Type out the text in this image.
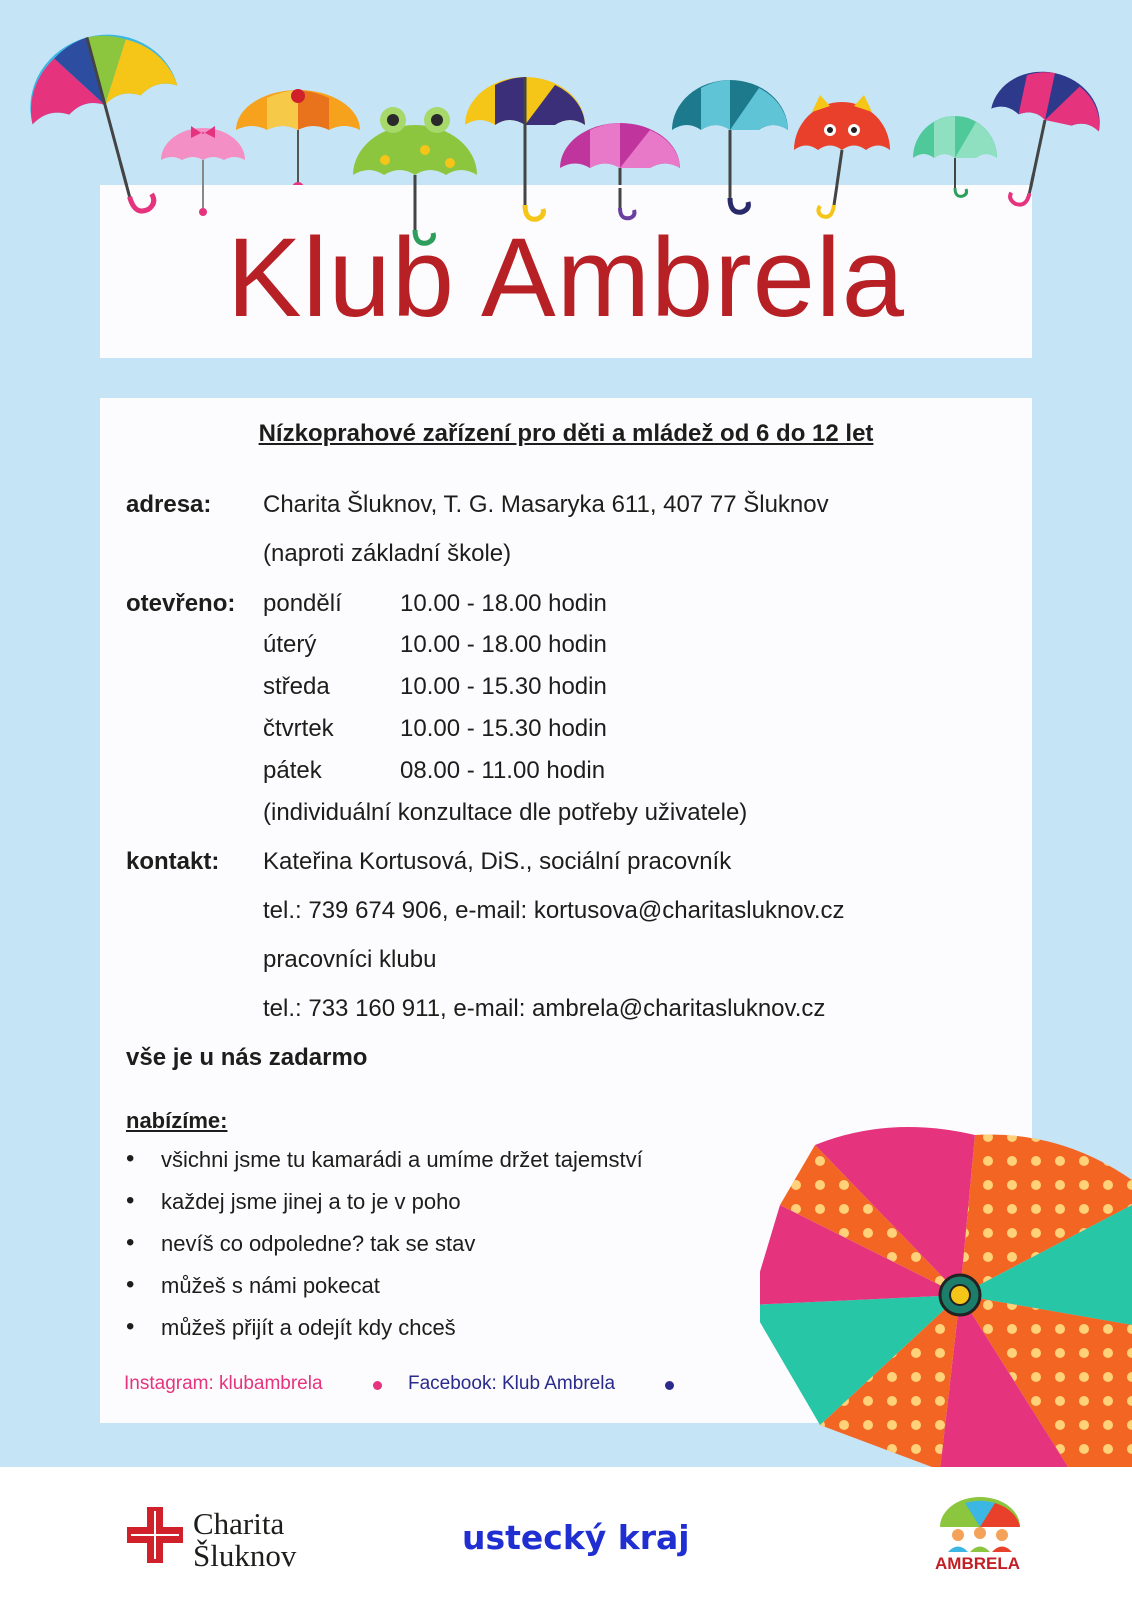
Klub Ambrela
Nízkoprahové zařízení pro děti a mládež od 6 do 12 let
adresa: Charita Šluknov, T. G. Masaryka 611, 407 77 Šluknov
(naproti základní škole)
otevřeno: pondělí 10.00 - 18.00 hodin
úterý	10.00 - 18.00 hodin
středa	10.00 - 15.30 hodin
čtvrtek	10.00 - 15.30 hodin
pátek	08.00 - 11.00 hodin
(individuální konzultace dle potřeby uživatele)
kontakt: Kateřina Kortusová, DiS., sociální pracovník
tel.: 739 674 906, e-mail: kortusova@charitasluknov.cz
pracovníci klubu
tel.: 733 160 911, e-mail: ambrela@charitasluknov.cz
vše je u nás zadarmo
nabízíme:
• všichni jsme tu kamarádi a umíme držet tajemství
• každej jsme jinej a to je v poho
• nevíš co odpoledne? tak se stav
• můžeš s námi pokecat
• můžeš přijít a odejít kdy chceš
Instagram: klubambrela	Facebook: Klub Ambrela
Charita
Šluknov	ustecký kraj
AMBRELA
